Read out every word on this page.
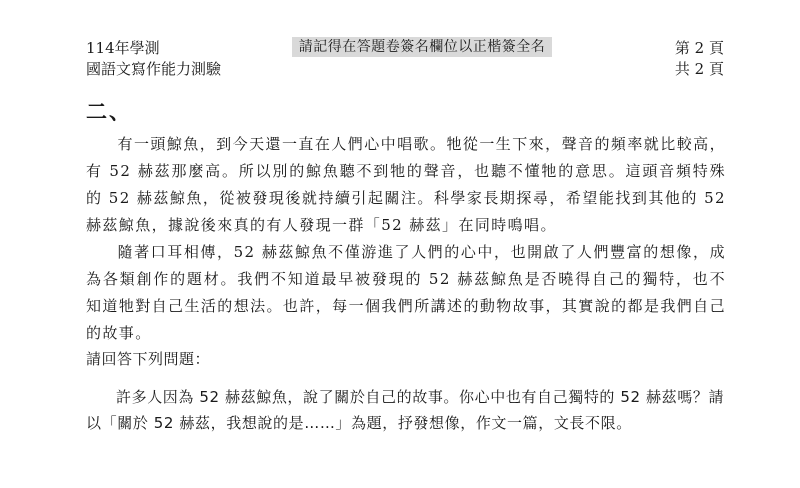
114年學測
國語文寫作能力測驗
請記得在答題卷簽名欄位以正楷簽全名	第 2 頁
共 2 頁
二、

有一頭鯨魚，到今天還一直在人們心中唱歌。牠從一生下來，聲音的頻率就比較高，有 52 赫茲那麼高。所以別的鯨魚聽不到牠的聲音，也聽不懂牠的意思。這頭音頻特殊的 52 赫茲鯨魚，從被發現後就持續引起關注。科學家長期探尋，希望能找到其他的 52 赫茲鯨魚，據說後來真的有人發現一群「52 赫茲」在同時鳴唱。

隨著口耳相傳，52 赫茲鯨魚不僅游進了人們的心中，也開啟了人們豐富的想像，成為各類創作的題材。我們不知道最早被發現的 52 赫茲鯨魚是否曉得自己的獨特，也不知道牠對自己生活的想法。也許，每一個我們所講述的動物故事，其實說的都是我們自己的故事。

請回答下列問題：

許多人因為 52 赫茲鯨魚，說了關於自己的故事。你心中也有自己獨特的 52 赫茲嗎？請以「關於 52 赫茲，我想說的是……」為題，抒發想像，作文一篇，文長不限。
